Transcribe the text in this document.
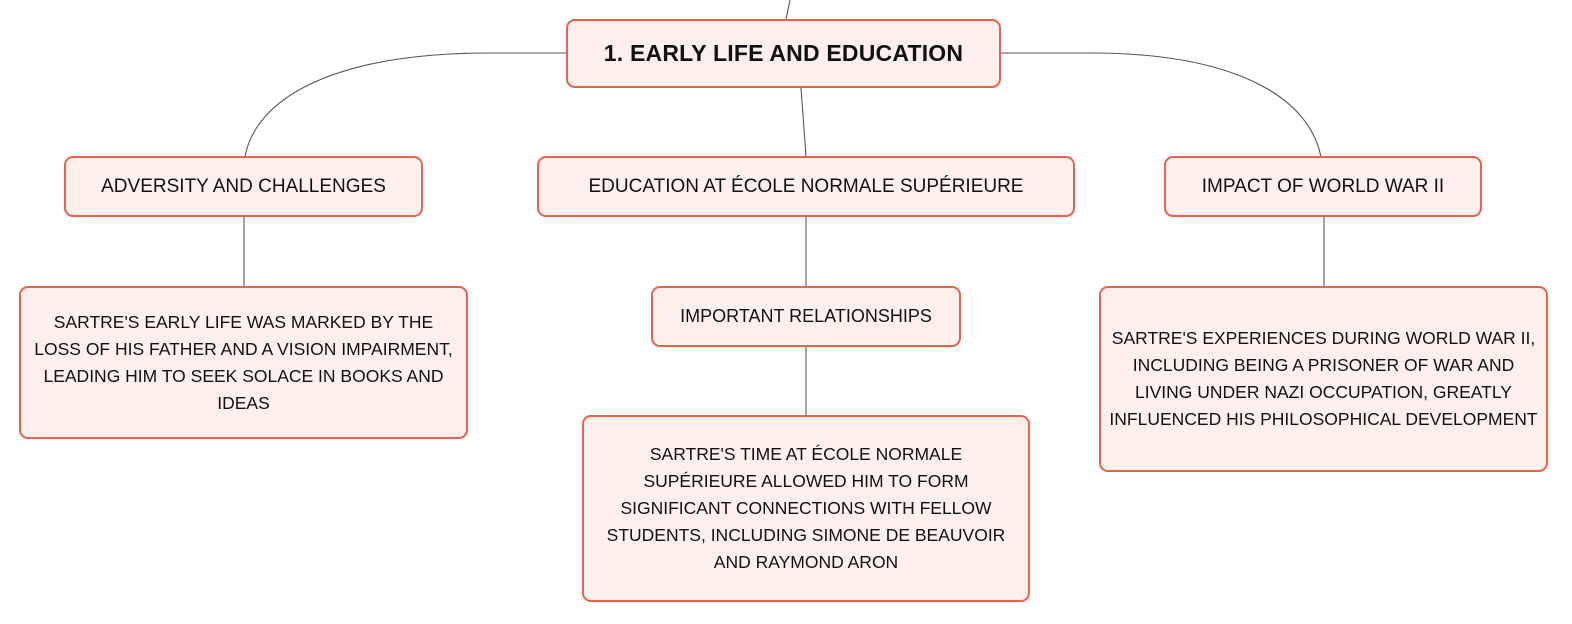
1. EARLY LIFE AND EDUCATION
ADVERSITY AND CHALLENGES	EDUCATION AT ÉCOLE NORMALE SUPÉRIEURE	IMPACT OF WORLD WAR II
SARTRE'S EARLY LIFE WAS MARKED BY THE LOSS OF HIS FATHER AND A VISION IMPAIRMENT, LEADING HIM TO SEEK SOLACE IN BOOKS AND IDEAS
IMPORTANT RELATIONSHIPS
SARTRE'S TIME AT ÉCOLE NORMALE SUPÉRIEURE ALLOWED HIM TO FORM SIGNIFICANT CONNECTIONS WITH FELLOW STUDENTS, INCLUDING SIMONE DE BEAUVOIR AND RAYMOND ARON
SARTRE'S EXPERIENCES DURING WORLD WAR II, INCLUDING BEING A PRISONER OF WAR AND LIVING UNDER NAZI OCCUPATION, GREATLY INFLUENCED HIS PHILOSOPHICAL DEVELOPMENT
